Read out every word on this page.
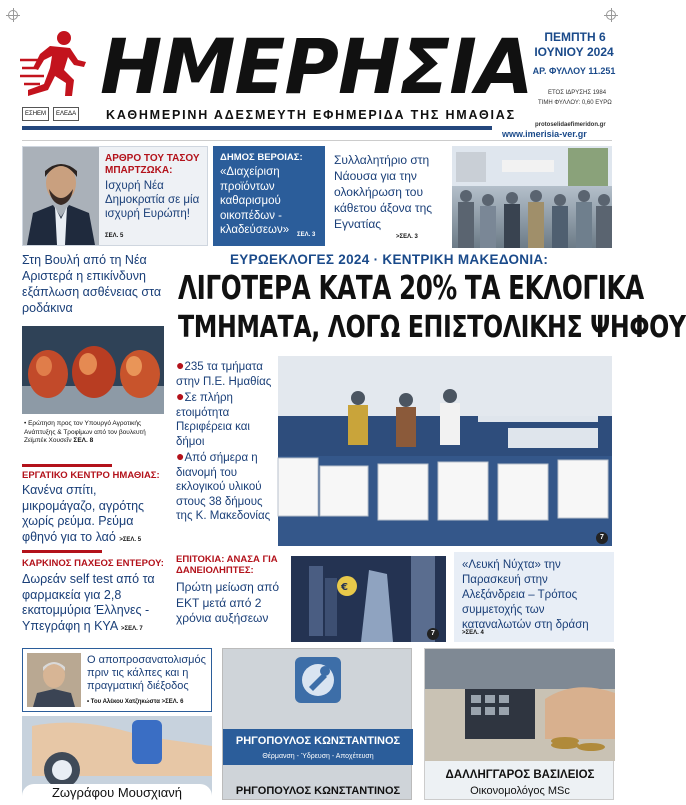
ΗΜΕΡΗΣΙΑ ΠΕΜΠΤΗ 6
ΙΟΥΝΙΟΥ 2024
ΑΡ. ΦΥΛΛΟΥ 11.251
ΕΤΟΣ ΙΔΡΥΣΗΣ 1984
ΤΙΜΗ ΦΥΛΛΟΥ: 0,60 ΕΥΡΩ
ΕΣΗΕΜ	ΕΛΕΔΑ ΚΑΘΗΜΕΡΙΝΗ ΑΔΕΣΜΕΥΤΗ ΕΦΗΜΕΡΙΔΑ ΤΗΣ ΗΜΑΘΙΑΣ
protoselidaefimeridon.gr
www.imerisia-ver.gr
ΑΡΘΡΟ ΤΟΥ ΤΑΣΟΥ ΜΠΑΡΤΖΩΚΑ:
Ισχυρή Νέα Δημοκρατία σε μία ισχυρή Ευρώπη!
ΣΕΛ. 5
ΔΗΜΟΣ ΒΕΡΟΙΑΣ:
«Διαχείριση προϊόντων καθαρισμού οικοπέδων - κλαδεύσεων»	ΣΕΛ. 3
Συλλαλητήριο στη Νάουσα για την ολοκλήρωση του κάθετου άξονα της Εγνατίας
>ΣΕΛ. 3
Στη Βουλή από τη Νέα Αριστερά η επικίνδυνη εξάπλωση ασθένειας στα ροδάκινα
• Ερώτηση προς τον Υπουργό Αγροτικής Ανάπτυξης & Τροφίμων από τον βουλευτή Ζεϊμπέκ Χουσεΐν ΣΕΛ. 8
ΕΡΓΑΤΙΚΟ ΚΕΝΤΡΟ ΗΜΑΘΙΑΣ:
Κανένα σπίτι, μικρομάγαζο, αγρότης χωρίς ρεύμα. Ρεύμα φθηνό για το λαό >ΣΕΛ. 5
ΚΑΡΚΙΝΟΣ ΠΑΧΕΟΣ ΕΝΤΕΡΟΥ:
Δωρεάν self test από τα φαρμακεία για 2,8 εκατομμύρια Έλληνες - Υπεγράφη η ΚΥΑ >ΣΕΛ. 7
ΕΥΡΩΕΚΛΟΓΕΣ 2024 · ΚΕΝΤΡΙΚΗ ΜΑΚΕΔΟΝΙΑ:
ΛΙΓΟΤΕΡΑ ΚΑΤΑ 20% ΤΑ ΕΚΛΟΓΙΚΑ
ΤΜΗΜΑΤΑ, ΛΟΓΩ ΕΠΙΣΤΟΛΙΚΗΣ ΨΗΦΟΥ
●235 τα τμήματα στην Π.Ε. Ημαθίας
●Σε πλήρη ετοιμότητα Περιφέρεια και δήμοι
●Από σήμερα η διανομή του εκλογικού υλικού στους 38 δήμους της Κ. Μακεδονίας
7
ΕΠΙΤΟΚΙΑ: ΑΝΑΣΑ ΓΙΑ ΔΑΝΕΙΟΛΗΠΤΕΣ:
Πρώτη μείωση από ΕΚΤ μετά από 2 χρόνια αυξήσεων
€
7
«Λευκή Νύχτα» την Παρασκευή στην Αλεξάνδρεια – Τρόπος συμμετοχής των καταναλωτών στη δράση
>ΣΕΛ. 4
Ο αποπροσανατολισμός πριν τις κάλπες και η πραγματική διέξοδος
• Του Αλέκου Χατζηκώστα >ΣΕΛ. 6
Ζωγράφου Μουσχιανή
ΡΗΓΟΠΟΥΛΟΣ ΚΩΝΣΤΑΝΤΙΝΟΣ
Θέρμανση - Ύδρευση - Αποχέτευση
ΡΗΓΟΠΟΥΛΟΣ ΚΩΝΣΤΑΝΤΙΝΟΣ
ΔΑΛΛΗΓΓΑΡΟΣ ΒΑΣΙΛΕΙΟΣ
Οικονομολόγος MSc
